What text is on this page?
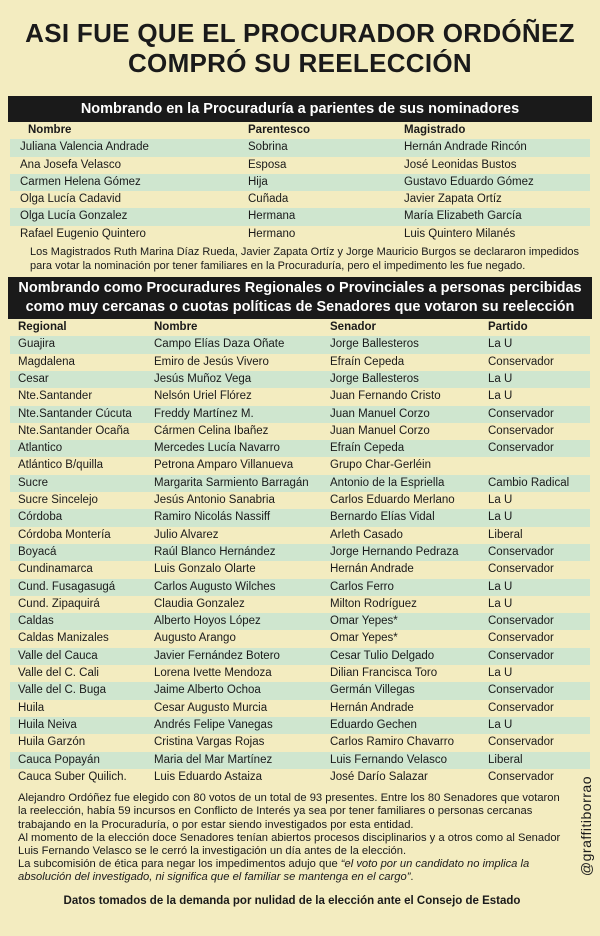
ASI FUE QUE EL PROCURADOR ORDÓÑEZ
COMPRÓ SU REELECCIÓN
Nombrando en la Procuraduría a parientes de sus nominadores
Nombre	Parentesco	Magistrado
Juliana Valencia Andrade	Sobrina	Hernán Andrade Rincón
Ana Josefa Velasco	Esposa	José Leonidas Bustos
Carmen Helena Gómez	Hija	Gustavo Eduardo Gómez
Olga Lucía Cadavid	Cuñada	Javier Zapata Ortíz
Olga Lucía Gonzalez	Hermana	María Elizabeth García
Rafael Eugenio Quintero	Hermano	Luis Quintero Milanés
Los Magistrados Ruth Marina Díaz Rueda, Javier Zapata Ortíz y Jorge Mauricio Burgos se declararon impedidos para votar la nominación por tener familiares en la Procuraduría, pero el impedimento les fue negado.
Nombrando como Procuradures Regionales o Provinciales a personas percibidas
como muy cercanas o cuotas políticas de Senadores que votaron su reelección
Regional	Nombre	Senador	Partido
Guajira	Campo Elías Daza Oñate	Jorge Ballesteros	La U
Magdalena	Emiro de Jesús Vivero	Efraín Cepeda	Conservador
Cesar	Jesús Muñoz Vega	Jorge Ballesteros	La U
Nte.Santander	Nelsón Uriel Flórez	Juan Fernando Cristo	La U
Nte.Santander Cúcuta	Freddy Martínez M.	Juan Manuel Corzo	Conservador
Nte.Santander Ocaña	Cármen Celina Ibañez	Juan Manuel Corzo	Conservador
Atlantico	Mercedes Lucía Navarro	Efraín Cepeda	Conservador
Atlántico B/quilla	Petrona Amparo Villanueva	Grupo Char-Gerléin
Sucre	Margarita Sarmiento Barragán	Antonio de la Espriella	Cambio Radical
Sucre Sincelejo	Jesús Antonio Sanabria	Carlos Eduardo Merlano	La U
Córdoba	Ramiro Nicolás Nassiff	Bernardo Elías Vidal	La U
Córdoba Montería	Julio Alvarez	Arleth Casado	Liberal
Boyacá	Raúl Blanco Hernández	Jorge Hernando Pedraza	Conservador
Cundinamarca	Luis Gonzalo Olarte	Hernán Andrade	Conservador
Cund. Fusagasugá	Carlos Augusto Wilches	Carlos Ferro	La U
Cund. Zipaquirá	Claudia Gonzalez	Milton Rodríguez	La U
Caldas	Alberto Hoyos López	Omar Yepes*	Conservador
Caldas Manizales	Augusto Arango	Omar Yepes*	Conservador
Valle del Cauca	Javier Fernández Botero	Cesar Tulio Delgado	Conservador
Valle del C. Cali	Lorena Ivette Mendoza	Dilian Francisca Toro	La U
Valle del C. Buga	Jaime Alberto Ochoa	Germán Villegas	Conservador
Huila	Cesar Augusto Murcia	Hernán Andrade	Conservador
Huila Neiva	Andrés Felipe Vanegas	Eduardo Gechen	La U
Huila Garzón	Cristina Vargas Rojas	Carlos Ramiro Chavarro	Conservador
Cauca Popayán	Maria del Mar Martínez	Luis Fernando Velasco	Liberal
Cauca Suber Quilich.	Luis Eduardo Astaiza	José Darío Salazar	Conservador

Alejandro Ordóñez fue elegido con 80 votos de un total de 93 presentes. Entre los 80 Senadores que votaron la reelección, había 59 incursos en Conflicto de Interés ya sea por tener familiares o personas cercanas trabajando en la Procuraduría, o por estar siendo investigados por esta entidad.

Al momento de la elección doce Senadores tenían abiertos procesos disciplinarios y a otros como al Senador Luis Fernando Velasco se le cerró la investigación un día antes de la elección.

La subcomisión de ética para negar los impedimentos adujo que “el voto por un candidato no implica la absolución del investigado, ni significa que el familiar se mantenga en el cargo”.

Datos tomados de la demanda por nulidad de la elección ante el Consejo de Estado
@graffitiborrao
